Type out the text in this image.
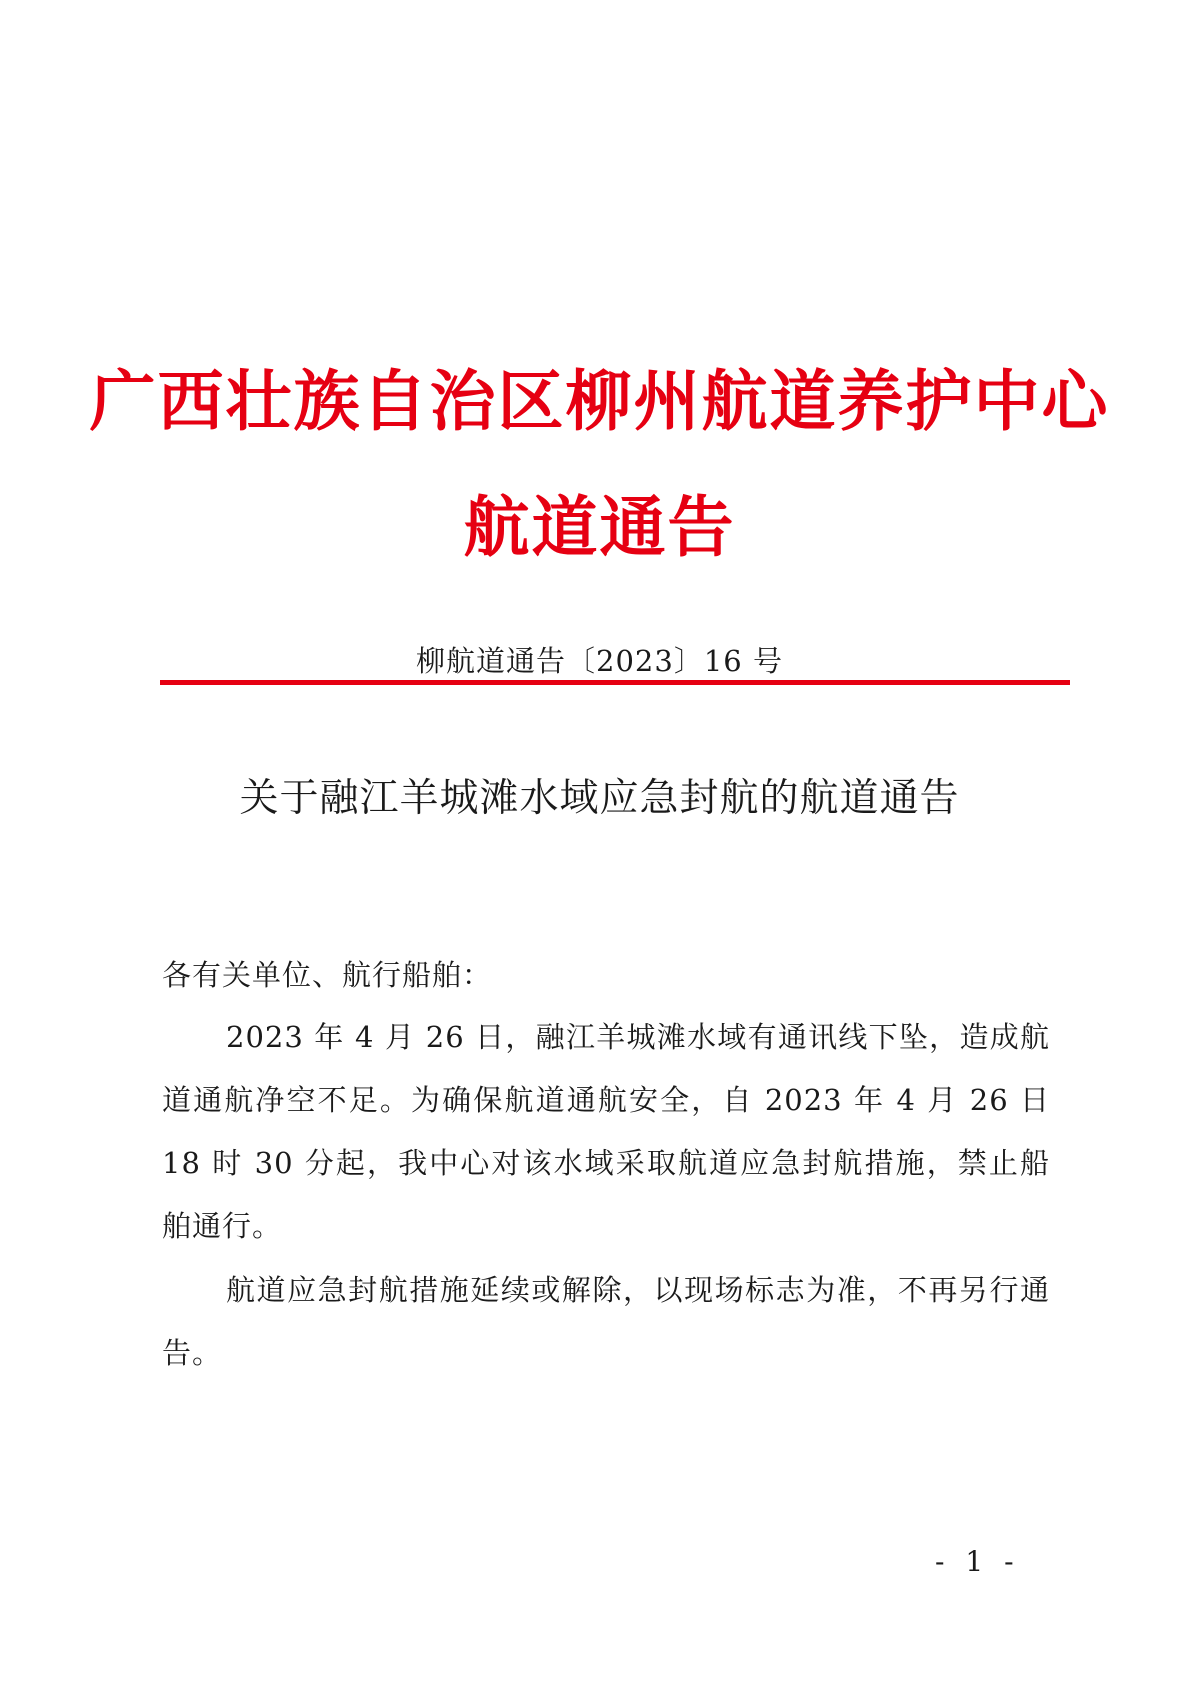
广西壮族自治区柳州航道养护中心
航道通告
柳航道通告〔2023〕16 号
关于融江羊城滩水域应急封航的航道通告
各有关单位、航行船舶：

2023 年 4 月 26 日，融江羊城滩水域有通讯线下坠，造成航道通航净空不足。为确保航道通航安全，自 2023 年 4 月 26 日 18 时 30 分起，我中心对该水域采取航道应急封航措施，禁止船舶通行。

航道应急封航措施延续或解除，以现场标志为准，不再另行通告。

- 1 -
